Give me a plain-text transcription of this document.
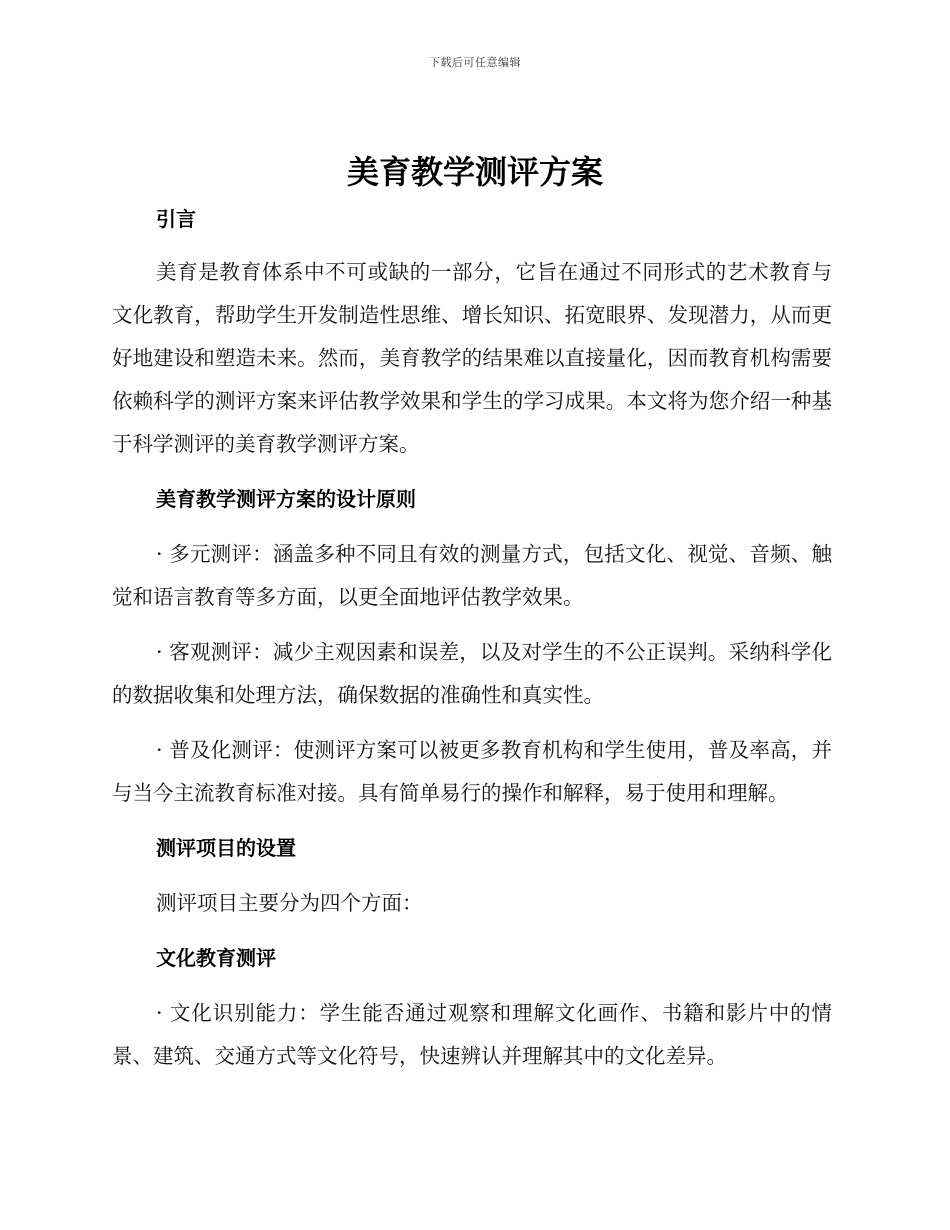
下载后可任意编辑
美育教学测评方案

引言

美育是教育体系中不可或缺的一部分，它旨在通过不同形式的艺术教育与文化教育，帮助学生开发制造性思维、增长知识、拓宽眼界、发现潜力，从而更好地建设和塑造未来。然而，美育教学的结果难以直接量化，因而教育机构需要依赖科学的测评方案来评估教学效果和学生的学习成果。本文将为您介绍一种基于科学测评的美育教学测评方案。

美育教学测评方案的设计原则

· 多元测评：涵盖多种不同且有效的测量方式，包括文化、视觉、音频、触觉和语言教育等多方面，以更全面地评估教学效果。

· 客观测评：减少主观因素和误差，以及对学生的不公正误判。采纳科学化的数据收集和处理方法，确保数据的准确性和真实性。

· 普及化测评：使测评方案可以被更多教育机构和学生使用，普及率高，并与当今主流教育标准对接。具有简单易行的操作和解释，易于使用和理解。

测评项目的设置

测评项目主要分为四个方面：

文化教育测评

· 文化识别能力：学生能否通过观察和理解文化画作、书籍和影片中的情景、建筑、交通方式等文化符号，快速辨认并理解其中的文化差异。
